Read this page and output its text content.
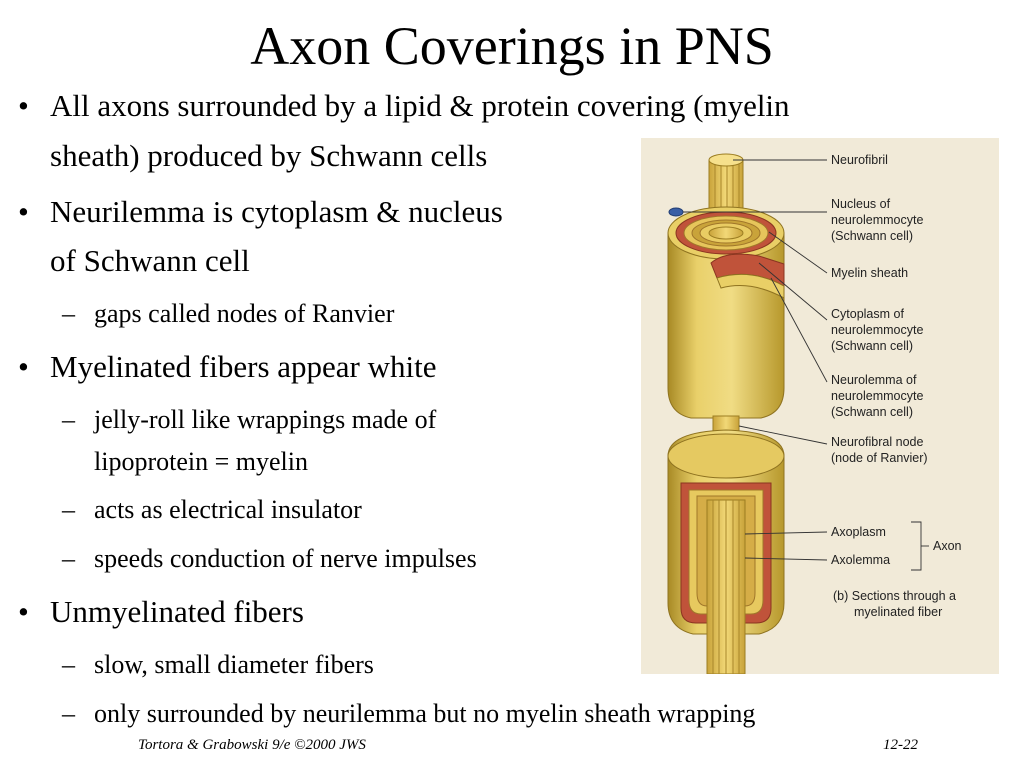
Axon Coverings in PNS
• All axons surrounded by a lipid & protein covering (myelin
sheath) produced by Schwann cells
• Neurilemma is cytoplasm & nucleus
of Schwann cell
– gaps called nodes of Ranvier
• Myelinated fibers appear white
– jelly-roll like wrappings made of
lipoprotein = myelin
– acts as electrical insulator
– speeds conduction of nerve impulses
• Unmyelinated fibers
– slow, small diameter fibers
– only surrounded by neurilemma but no myelin sheath wrapping
Neurofibril
Nucleus of
neurolemmocyte
(Schwann cell)
Myelin sheath
Cytoplasm of
neurolemmocyte
(Schwann cell)
Neurolemma of
neurolemmocyte
(Schwann cell)
Neurofibral node
(node of Ranvier)
Axoplasm
Axolemma
Axon
(b) Sections through a
myelinated fiber
Tortora & Grabowski 9/e ©2000 JWS	12-22
